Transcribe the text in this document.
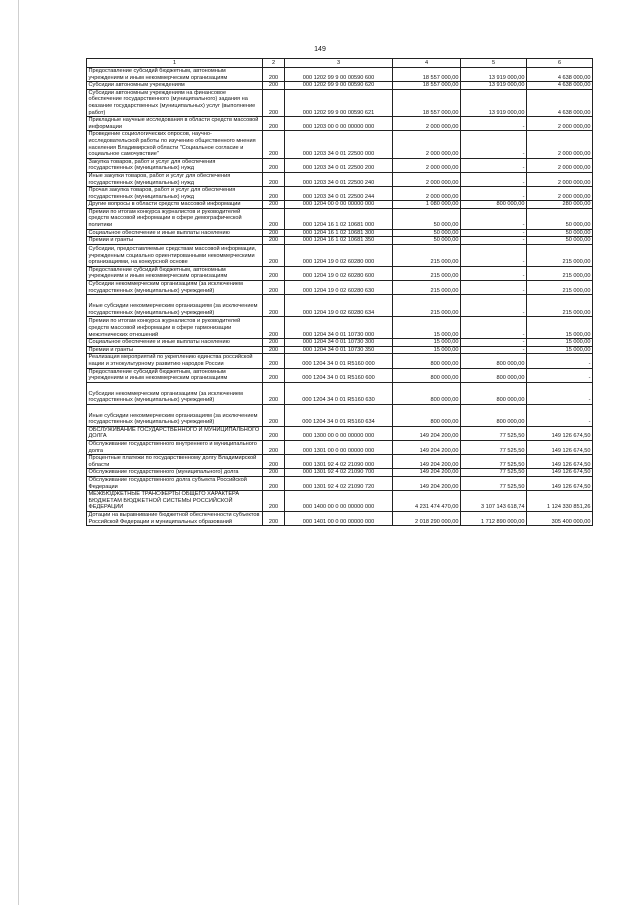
149
1	2	3	4	5	6
Предоставление субсидий бюджетным, автономным учреждениям и иным некоммерческим организациям	200	000 1202 99 9 00 00590 600	18 557 000,00	13 919 000,00	4 638 000,00
Субсидии автономным учреждениям	200	000 1202 99 9 00 00590 620	18 557 000,00	13 919 000,00	4 638 000,00
Субсидии автономным учреждениям на финансовое обеспечение государственного (муниципального) задания на оказание государственных (муниципальных) услуг (выполнение работ)	200	000 1202 99 9 00 00590 621	18 557 000,00	13 919 000,00	4 638 000,00
Прикладные научные исследования в области средств массовой информации	200	000 1203 00 0 00 00000 000	2 000 000,00	-	2 000 000,00
Проведение социологических опросов, научно-исследовательской работы по изучению общественного мнения населения Владимирской области "Социальное согласие и социальное самочувствие"	200	000 1203 34 0 01 22500 000	2 000 000,00	-	2 000 000,00
Закупка товаров, работ и услуг для обеспечения государственных (муниципальных) нужд	200	000 1203 34 0 01 22500 200	2 000 000,00	-	2 000 000,00
Иные закупки товаров, работ и услуг для обеспечения государственных (муниципальных) нужд	200	000 1203 34 0 01 22500 240	2 000 000,00	-	2 000 000,00
Прочая закупка товаров, работ и услуг для обеспечения государственных (муниципальных) нужд	200	000 1203 34 0 01 22500 244	2 000 000,00	-	2 000 000,00
Другие вопросы в области средств массовой информации	200	000 1204 00 0 00 00000 000	1 080 000,00	800 000,00	280 000,00
Премии по итогам конкурса журналистов и руководителей средств массовой информации в сфере демографической политики	200	000 1204 16 1 02 10681 000	50 000,00	-	50 000,00
Социальное обеспечение и иные выплаты населению	200	000 1204 16 1 02 10681 300	50 000,00	-	50 000,00
Премии и гранты	200	000 1204 16 1 02 10681 350	50 000,00	-	50 000,00
Субсидии, предоставляемые средствам массовой информации, учрежденным социально ориентированными некоммерческими организациями, на конкурсной основе	200	000 1204 19 0 02 60280 000	215 000,00	-	215 000,00
Предоставление субсидий бюджетным, автономным учреждениям и иным некоммерческим организациям	200	000 1204 19 0 02 60280 600	215 000,00	-	215 000,00
Субсидии некоммерческим организациям (за исключением государственных (муниципальных) учреждений)	200	000 1204 19 0 02 60280 630	215 000,00	-	215 000,00
Иные субсидии некоммерческим организациям (за исключением государственных (муниципальных) учреждений)	200	000 1204 19 0 02 60280 634	215 000,00	-	215 000,00
Премии по итогам конкурса журналистов и руководителей средств массовой информации в сфере гармонизации межэтнических отношений	200	000 1204 34 0 01 10730 000	15 000,00	-	15 000,00
Социальное обеспечение и иные выплаты населению	200	000 1204 34 0 01 10730 300	15 000,00	-	15 000,00
Премии и гранты	200	000 1204 34 0 01 10730 350	15 000,00	-	15 000,00
Реализация мероприятий по укреплению единства российской нации и этнокультурному развитию народов России	200	000 1204 34 0 01 R5160 000	800 000,00	800 000,00	-
Предоставление субсидий бюджетным, автономным учреждениям и иным некоммерческим организациям	200	000 1204 34 0 01 R5160 600	800 000,00	800 000,00	-
Субсидии некоммерческим организациям (за исключением государственных (муниципальных) учреждений)	200	000 1204 34 0 01 R5160 630	800 000,00	800 000,00	-
Иные субсидии некоммерческим организациям (за исключением государственных (муниципальных) учреждений)	200	000 1204 34 0 01 R5160 634	800 000,00	800 000,00	-
ОБСЛУЖИВАНИЕ ГОСУДАРСТВЕННОГО И МУНИЦИПАЛЬНОГО ДОЛГА	200	000 1300 00 0 00 00000 000	149 204 200,00	77 525,50	149 126 674,50
Обслуживание государственного внутреннего и муниципального долга	200	000 1301 00 0 00 00000 000	149 204 200,00	77 525,50	149 126 674,50
Процентные платежи по государственному долгу Владимирской области	200	000 1301 92 4 02 21090 000	149 204 200,00	77 525,50	149 126 674,50
Обслуживание государственного (муниципального) долга	200	000 1301 92 4 02 21090 700	149 204 200,00	77 525,50	149 126 674,50
Обслуживание государственного долга субъекта Российской Федерации	200	000 1301 92 4 02 21090 720	149 204 200,00	77 525,50	149 126 674,50
МЕЖБЮДЖЕТНЫЕ ТРАНСФЕРТЫ ОБЩЕГО ХАРАКТЕРА БЮДЖЕТАМ БЮДЖЕТНОЙ СИСТЕМЫ РОССИЙСКОЙ ФЕДЕРАЦИИ	200	000 1400 00 0 00 00000 000	4 231 474 470,00	3 107 143 618,74	1 124 330 851,26
Дотации на выравнивание бюджетной обеспеченности субъектов Российской Федерации и муниципальных образований	200	000 1401 00 0 00 00000 000	2 018 290 000,00	1 712 890 000,00	305 400 000,00
